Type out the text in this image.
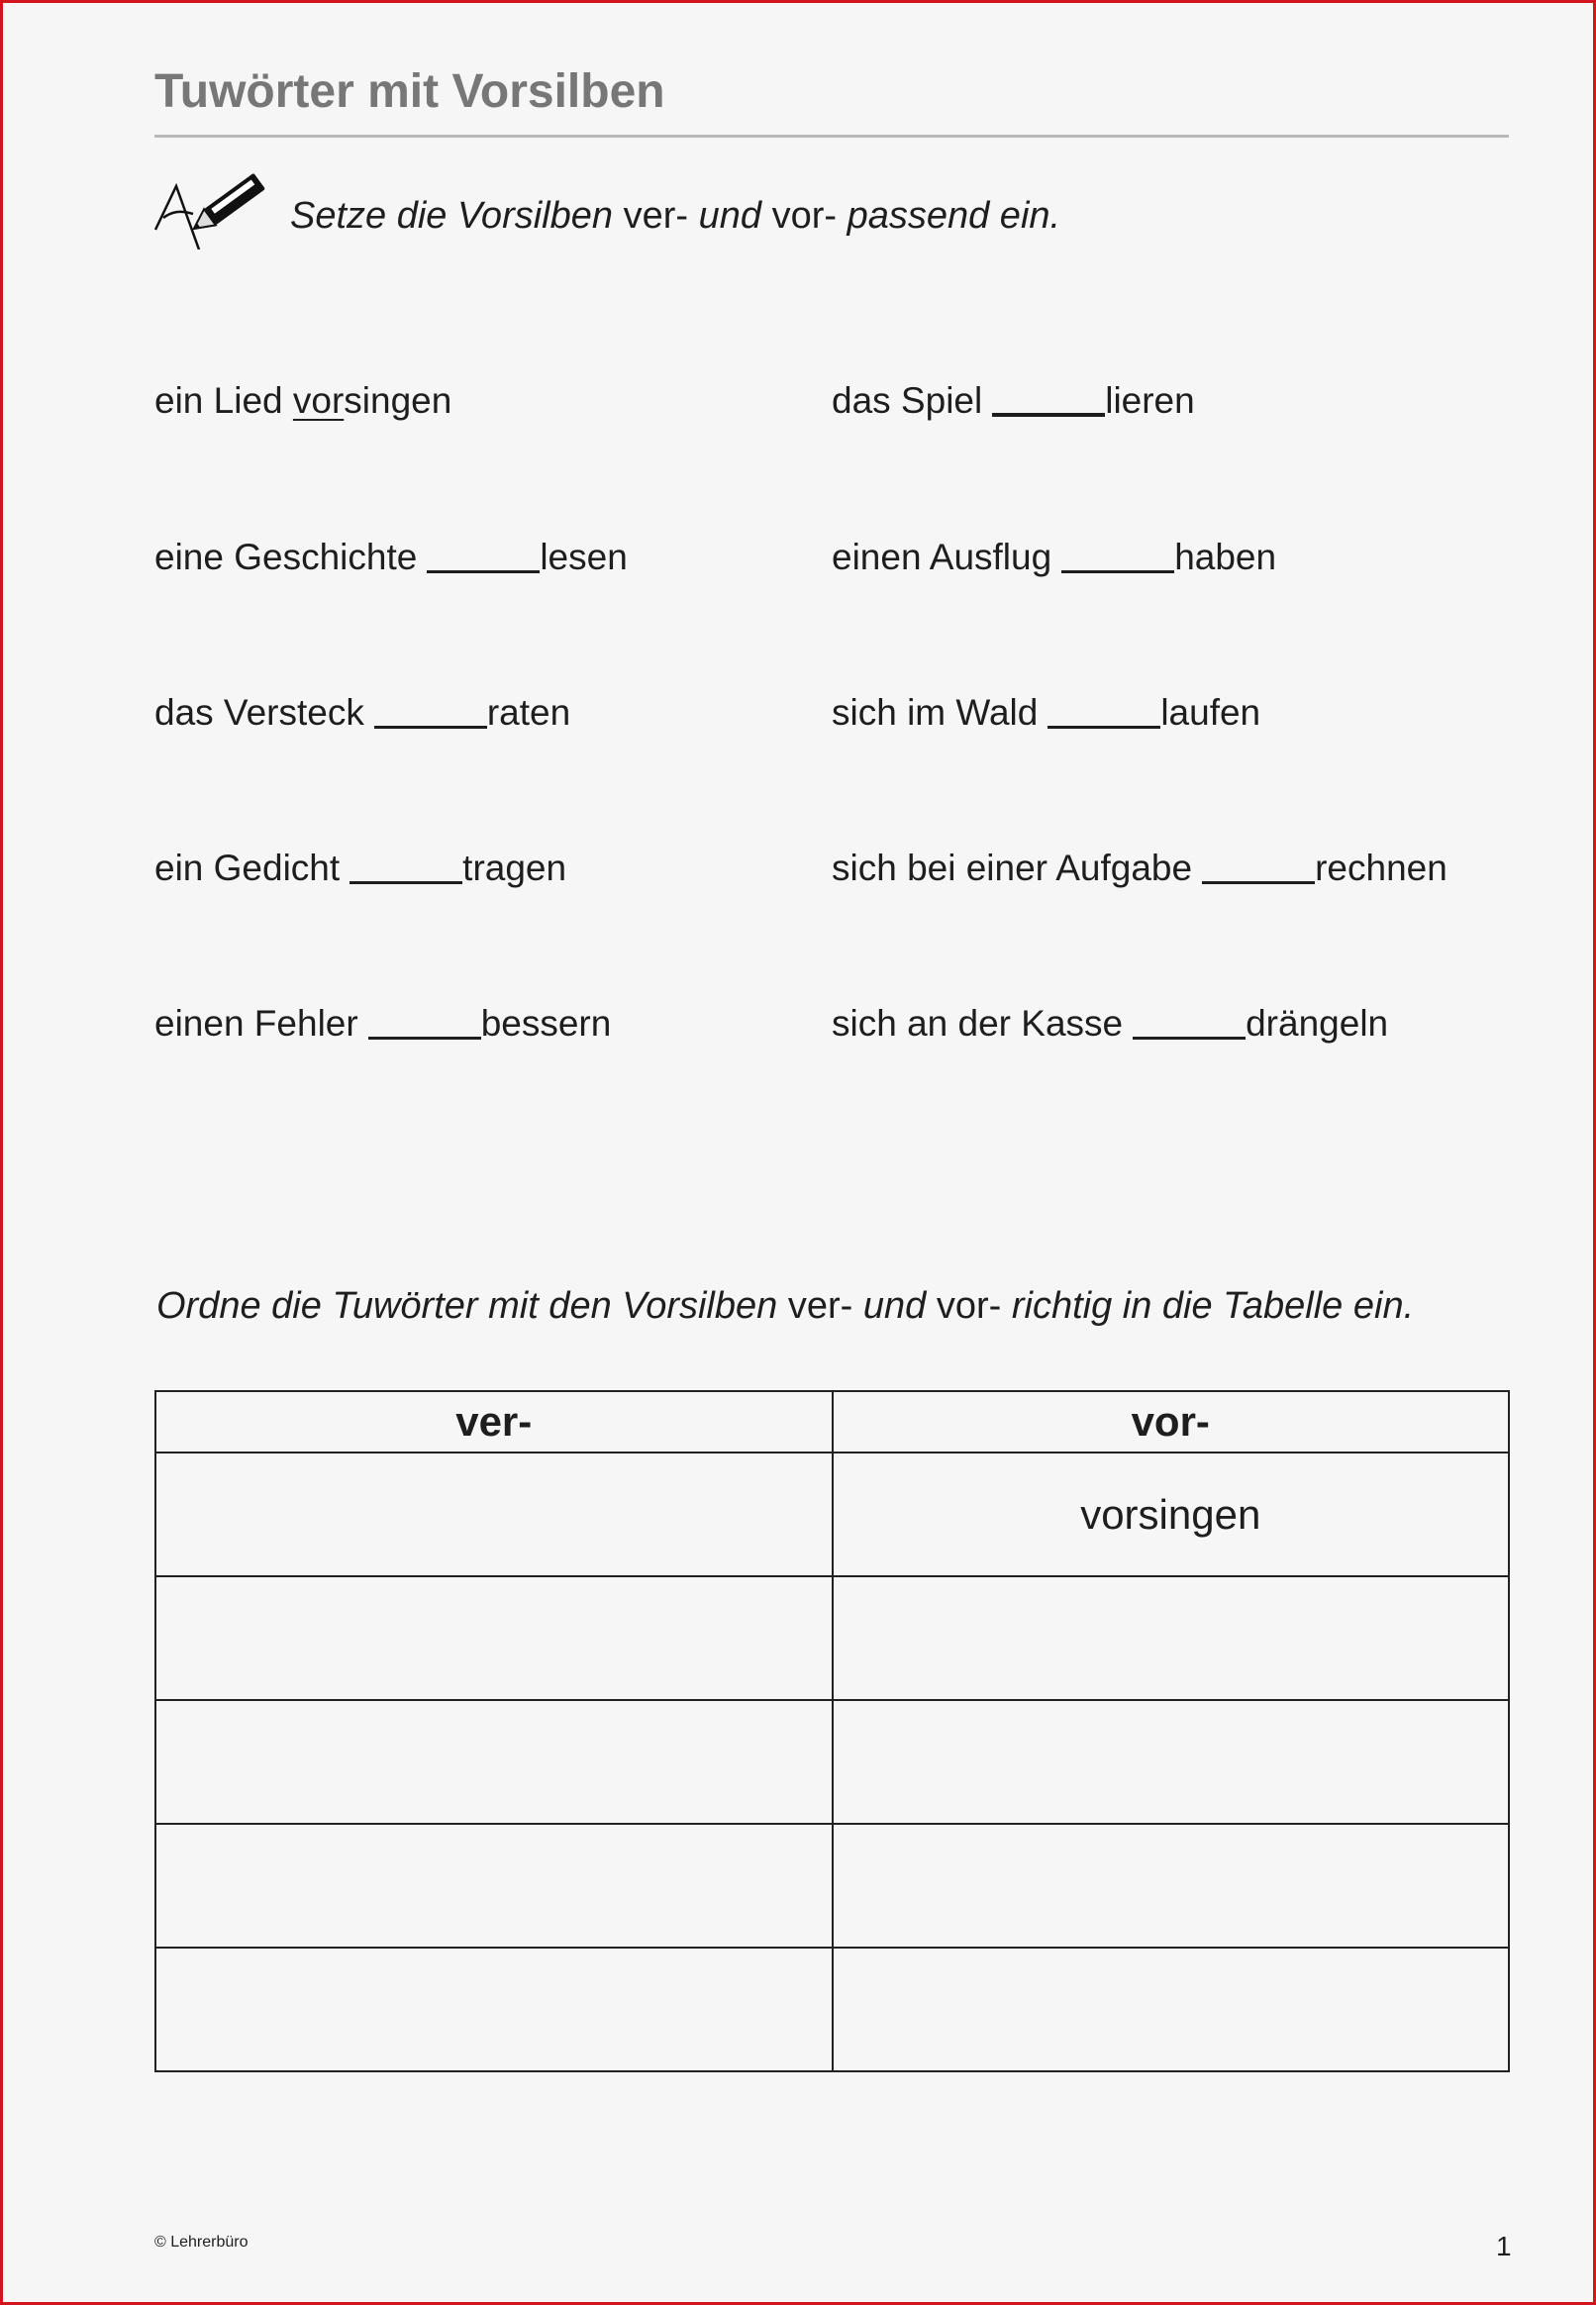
Tuwörter mit Vorsilben
Setze die Vorsilben ver- und vor- passend ein.
ein Lied vorsingen
eine Geschichte	lesen
das Versteck	raten
ein Gedicht	tragen
einen Fehler	bessern
das Spiel	lieren
einen Ausflug	haben
sich im Wald	laufen
sich bei einer Aufgabe	rechnen
sich an der Kasse	drängeln
Ordne die Tuwörter mit den Vorsilben ver- und vor- richtig in die Tabelle ein.
ver-	vor-
	vorsingen

© Lehrerbüro	1
